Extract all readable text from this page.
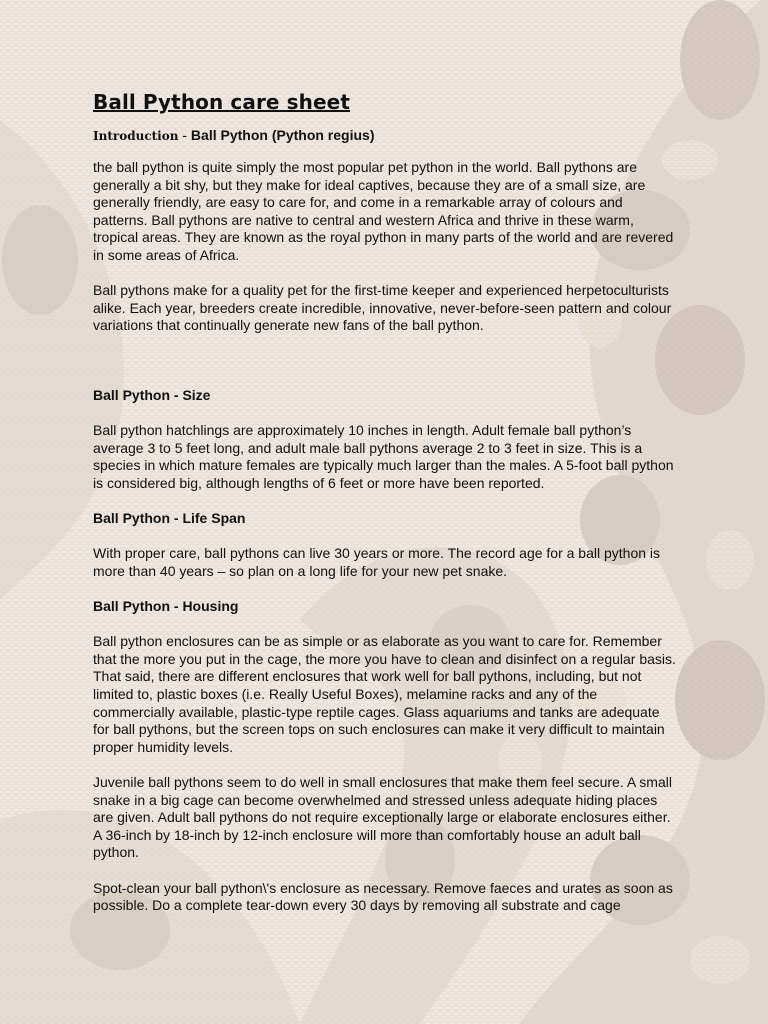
Ball Python care sheet
Introduction - Ball Python (Python regius)

the ball python is quite simply the most popular pet python in the world. Ball pythons are generally a bit shy, but they make for ideal captives, because they are of a small size, are generally friendly, are easy to care for, and come in a remarkable array of colours and patterns. Ball pythons are native to central and western Africa and thrive in these warm, tropical areas. They are known as the royal python in many parts of the world and are revered in some areas of Africa.

Ball pythons make for a quality pet for the first-time keeper and experienced herpetoculturists alike. Each year, breeders create incredible, innovative, never-before-seen pattern and colour variations that continually generate new fans of the ball python.

Ball Python - Size

Ball python hatchlings are approximately 10 inches in length. Adult female ball python’s average 3 to 5 feet long, and adult male ball pythons average 2 to 3 feet in size. This is a species in which mature females are typically much larger than the males. A 5-foot ball python is considered big, although lengths of 6 feet or more have been reported.

Ball Python - Life Span

With proper care, ball pythons can live 30 years or more. The record age for a ball python is more than 40 years – so plan on a long life for your new pet snake.

Ball Python - Housing

Ball python enclosures can be as simple or as elaborate as you want to care for. Remember that the more you put in the cage, the more you have to clean and disinfect on a regular basis. That said, there are different enclosures that work well for ball pythons, including, but not limited to, plastic boxes (i.e. Really Useful Boxes), melamine racks and any of the commercially available, plastic-type reptile cages. Glass aquariums and tanks are adequate for ball pythons, but the screen tops on such enclosures can make it very difficult to maintain proper humidity levels.

Juvenile ball pythons seem to do well in small enclosures that make them feel secure. A small snake in a big cage can become overwhelmed and stressed unless adequate hiding places are given. Adult ball pythons do not require exceptionally large or elaborate enclosures either. A 36-inch by 18-inch by 12-inch enclosure will more than comfortably house an adult ball python.

Spot-clean your ball python\'s enclosure as necessary. Remove faeces and urates as soon as possible. Do a complete tear-down every 30 days by removing all substrate and cage
